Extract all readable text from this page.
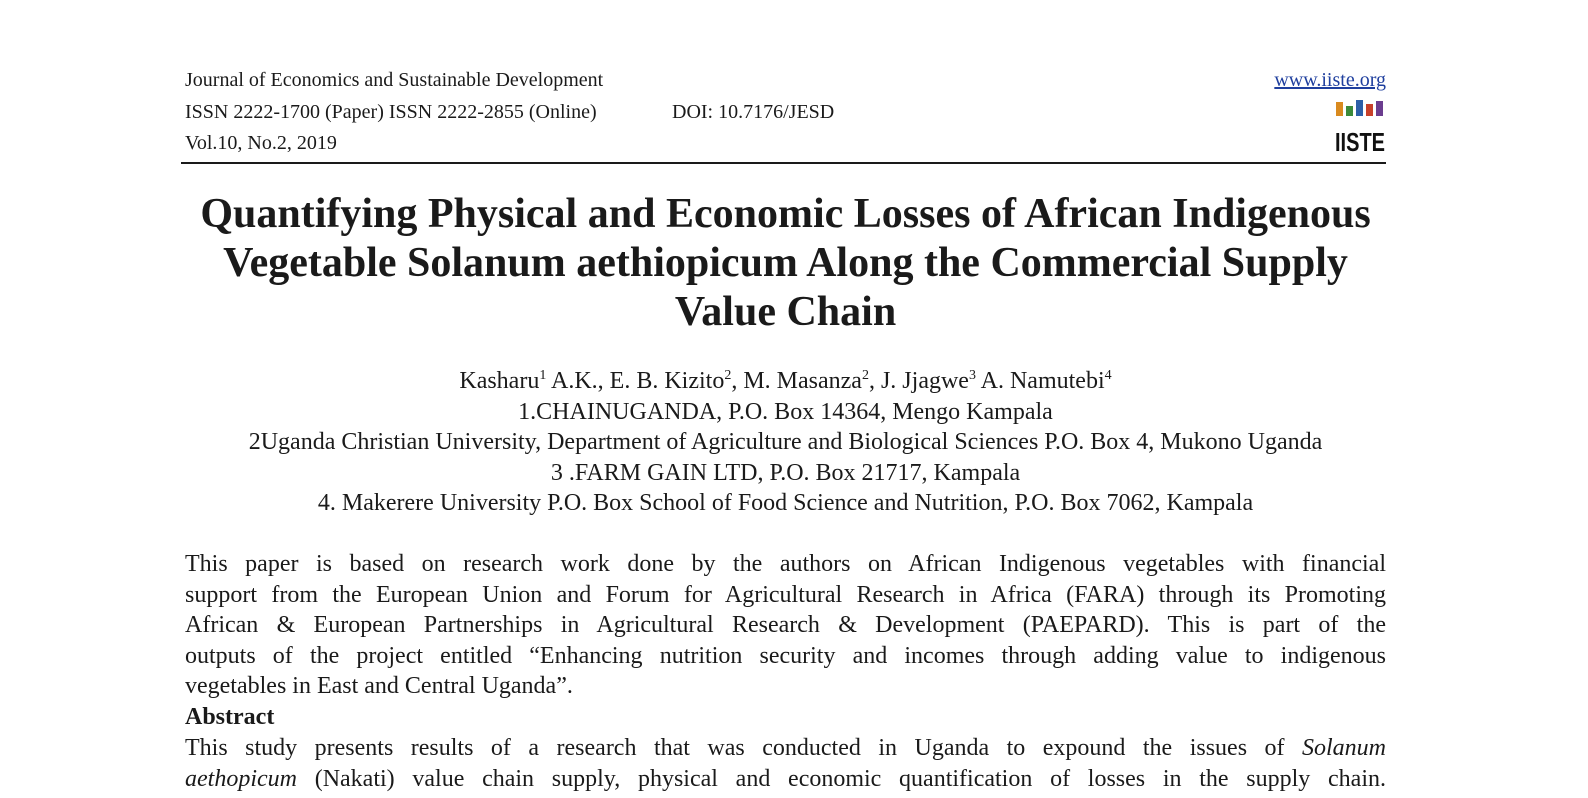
Journal of Economics and Sustainable Development
ISSN 2222-1700 (Paper) ISSN 2222-2855 (Online)	DOI: 10.7176/JESD
Vol.10, No.2, 2019
www.iiste.org
IISTE
Quantifying Physical and Economic Losses of African Indigenous
Vegetable Solanum aethiopicum Along the Commercial Supply
Value Chain
Kasharu$^1$ A.K., E. B. Kizito$^2$, M. Masanza$^2$, J. Jjagwe$^3$ A. Namutebi$^4$
1.CHAINUGANDA, P.O. Box 14364, Mengo Kampala
2Uganda Christian University, Department of Agriculture and Biological Sciences P.O. Box 4, Mukono Uganda
3 .FARM GAIN LTD, P.O. Box 21717, Kampala
4. Makerere University P.O. Box School of Food Science and Nutrition, P.O. Box 7062, Kampala
This paper is based on research work done by the authors on African Indigenous vegetables with financial
support from the European Union and Forum for Agricultural Research in Africa (FARA) through its Promoting
African & European Partnerships in Agricultural Research & Development (PAEPARD). This is part of the
outputs of the project entitled “Enhancing nutrition security and incomes through adding value to indigenous
vegetables in East and Central Uganda”.
Abstract
This study presents results of a research that was conducted in Uganda to expound the issues of Solanum
aethopicum (Nakati) value chain supply, physical and economic quantification of losses in the supply chain.
